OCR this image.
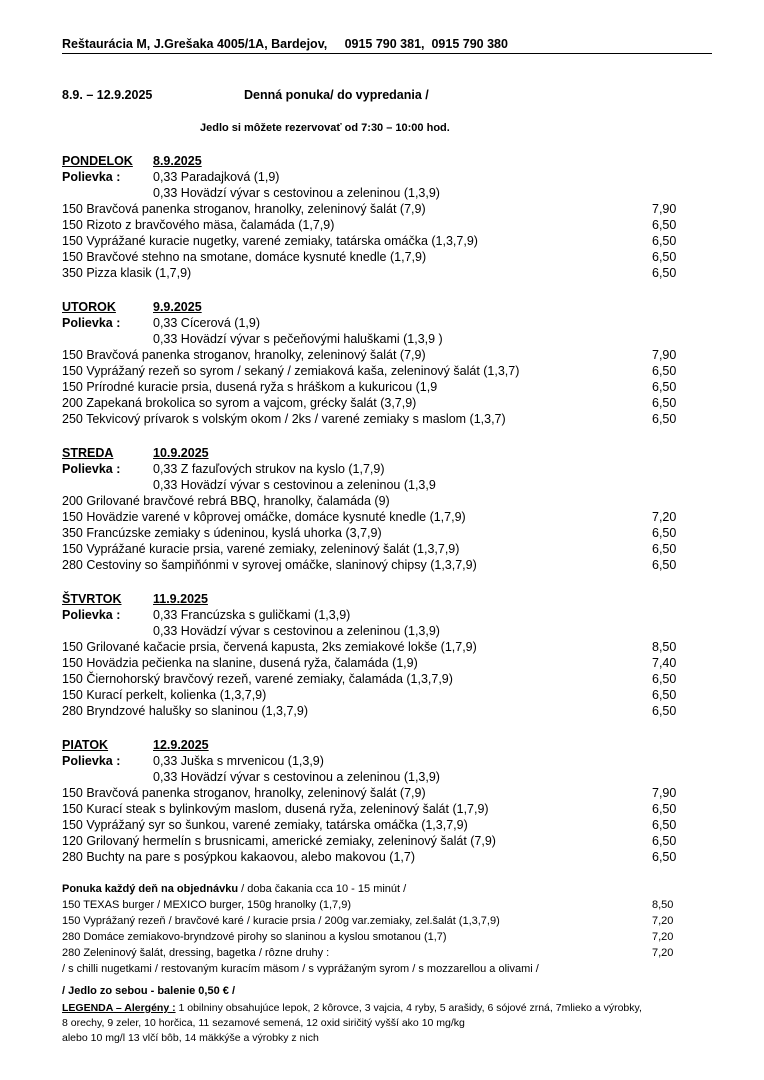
Reštaurácia M, J.Grešaka 4005/1A, Bardejov, 0915 790 381,  0915 790 380
8.9. – 12.9.2025	Denná ponuka/ do vypredania /
Jedlo si môžete rezervovať od 7:30 – 10:00 hod.
PONDELOK 8.9.2025
Polievka :	0,33 Paradajková (1,9)
0,33 Hovädzí vývar s cestovinou a zeleninou (1,3,9)
150 Bravčová panenka stroganov, hranolky, zeleninový šalát (7,9)	7,90
150 Rizoto z bravčového mäsa, čalamáda (1,7,9)	6,50
150 Vyprážané kuracie nugetky, varené zemiaky, tatárska omáčka (1,3,7,9)	6,50
150 Bravčové stehno na smotane, domáce kysnuté knedle (1,7,9)	6,50
350 Pizza klasik (1,7,9)	6,50
UTOROK	9.9.2025
Polievka :	0,33 Cícerová (1,9)
0,33 Hovädzí vývar s pečeňovými haluškami (1,3,9 )
150 Bravčová panenka stroganov, hranolky, zeleninový šalát (7,9)	7,90
150 Vyprážaný rezeň so syrom / sekaný / zemiaková kaša, zeleninový šalát (1,3,7)	6,50
150 Prírodné kuracie prsia, dusená ryža s hráškom a kukuricou (1,9	6,50
200 Zapekaná brokolica so syrom a vajcom, grécky šalát (3,7,9)	6,50
250 Tekvicový prívarok s volským okom / 2ks / varené zemiaky s maslom (1,3,7)	6,50
STREDA	10.9.2025
Polievka :	0,33 Z fazuľových strukov na kyslo (1,7,9)
0,33 Hovädzí vývar s cestovinou a zeleninou (1,3,9
200 Grilované bravčové rebrá BBQ, hranolky, čalamáda (9)
150 Hovädzie varené v kôprovej omáčke, domáce kysnuté knedle (1,7,9)	7,20
350 Francúzske zemiaky s údeninou, kyslá uhorka (3,7,9)	6,50
150 Vyprážané kuracie prsia, varené zemiaky, zeleninový šalát (1,3,7,9)	6,50
280 Cestoviny so šampiňónmi v syrovej omáčke, slaninový chipsy (1,3,7,9)	6,50
ŠTVRTOK	11.9.2025
Polievka :	0,33 Francúzska s guličkami (1,3,9)
0,33 Hovädzí vývar s cestovinou a zeleninou (1,3,9)
150 Grilované kačacie prsia, červená kapusta, 2ks zemiakové lokše (1,7,9)	8,50
150 Hovädzia pečienka na slanine, dusená ryža, čalamáda (1,9)	7,40
150 Čiernohorský bravčový rezeň, varené zemiaky, čalamáda (1,3,7,9)	6,50
150 Kurací perkelt, kolienka (1,3,7,9)	6,50
280 Bryndzové halušky so slaninou (1,3,7,9)	6,50
PIATOK	12.9.2025
Polievka :	0,33 Juška s mrvenicou (1,3,9)
0,33 Hovädzí vývar s cestovinou a zeleninou (1,3,9)
150 Bravčová panenka stroganov, hranolky, zeleninový šalát (7,9)	7,90
150 Kurací steak s bylinkovým maslom, dusená ryža, zeleninový šalát (1,7,9)	6,50
150 Vyprážaný syr so šunkou, varené zemiaky, tatárska omáčka (1,3,7,9)	6,50
120 Grilovaný hermelín s brusnicami, americké zemiaky, zeleninový šalát (7,9)	6,50
280 Buchty na pare s posýpkou kakaovou, alebo makovou (1,7)	6,50
Ponuka každý deň na objednávku / doba čakania cca 10 - 15 minút /
150 TEXAS burger / MEXICO burger, 150g hranolky (1,7,9)	8,50
150 Vyprážaný rezeň / bravčové karé / kuracie prsia / 200g var.zemiaky, zel.šalát (1,3,7,9)	7,20
280 Domáce zemiakovo-bryndzové pirohy so slaninou a kyslou smotanou (1,7)	7,20
280 Zeleninový šalát, dressing, bagetka / rôzne druhy :	7,20
/ s chilli nugetkami / restovaným kuracím mäsom / s vyprážaným syrom / s mozzarellou a olivami /
/ Jedlo zo sebou - balenie 0,50 € /
LEGENDA – Alergény : 1 obilniny obsahujúce lepok, 2 kôrovce, 3 vajcia, 4 ryby, 5 arašidy, 6 sójové zrná, 7mlieko a výrobky,
8 orechy, 9 zeler, 10 horčica, 11 sezamové semená, 12 oxid siričitý vyšší ako 10 mg/kg
alebo 10 mg/l 13 vlčí bôb, 14 mäkkýše a výrobky z nich
